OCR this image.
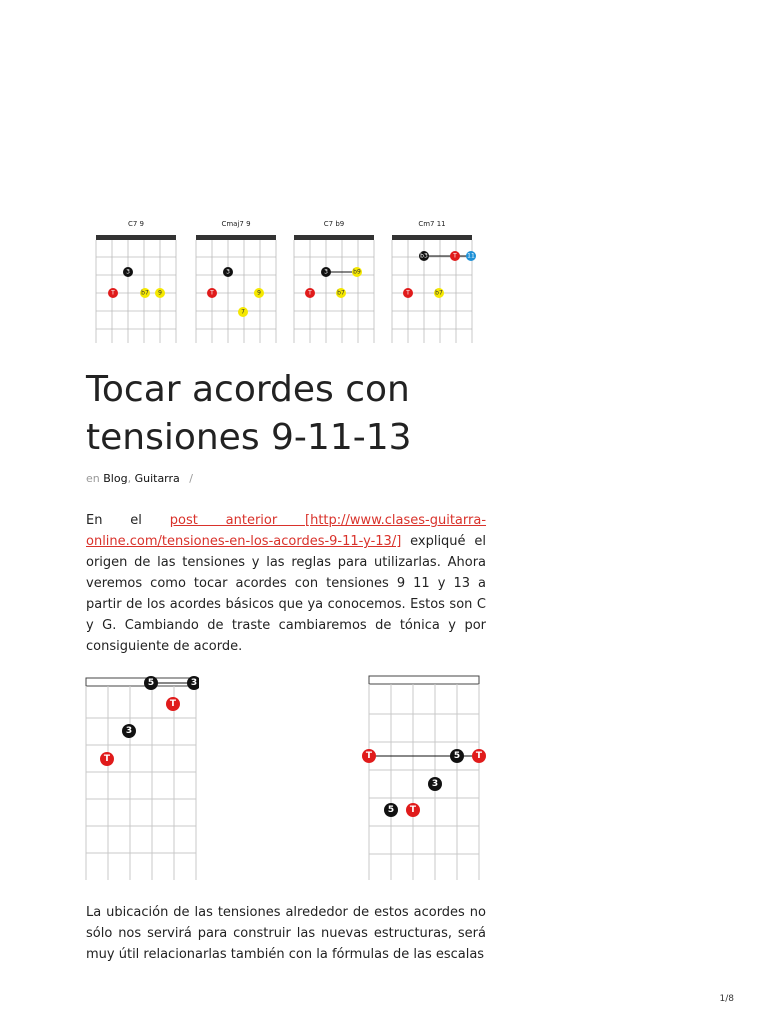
C7 9
3
T	b7 9
Cmaj7 9
3
T	9
7
C7 b9
3	b9
T	b7
Cm7 11
b3	T 11
T	b7
Tocar acordes con tensiones 9-11-13
en Blog, Guitarra /

En el post anterior [http://www.clases-guitarra-online.com/tensiones-en-los-acordes-9-11-y-13/] expliqué el origen de las tensiones y las reglas para utilizarlas. Ahora veremos como tocar acordes con tensiones 9 11 y 13 a partir de los acordes básicos que ya conocemos. Estos son C y G. Cambiando de traste cambiaremos de tónica y por consiguiente de acorde.

5	3
T
3
T	T	5 T
3
5 T

La ubicación de las tensiones alrededor de estos acordes no sólo nos servirá para construir las nuevas estructuras, será muy útil relacionarlas también con la fórmulas de las escalas

1/8
